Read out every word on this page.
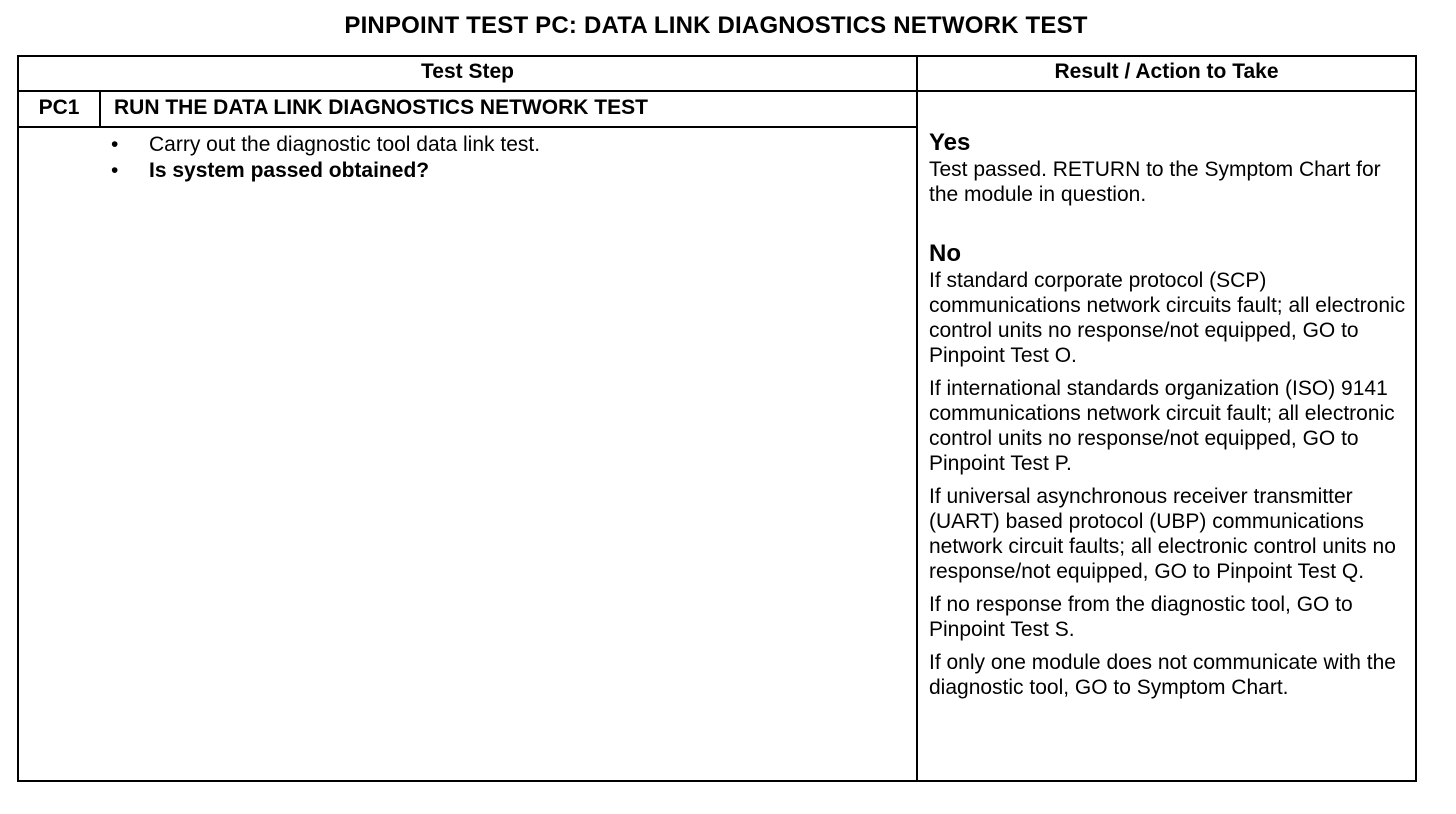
PINPOINT TEST PC: DATA LINK DIAGNOSTICS NETWORK TEST
Test Step	Result / Action to Take
PC1	RUN THE DATA LINK DIAGNOSTICS NETWORK TEST
• Carry out the diagnostic tool data link test.
• Is system passed obtained?
Yes

Test passed. RETURN to the Symptom Chart for the module in question.

No

If standard corporate protocol (SCP) communications network circuits fault; all electronic control units no response/not equipped, GO to Pinpoint Test O.

If international standards organization (ISO) 9141 communications network circuit fault; all electronic control units no response/not equipped, GO to Pinpoint Test P.

If universal asynchronous receiver transmitter (UART) based protocol (UBP) communications network circuit faults; all electronic control units no response/not equipped, GO to Pinpoint Test Q.

If no response from the diagnostic tool, GO to Pinpoint Test S.

If only one module does not communicate with the diagnostic tool, GO to Symptom Chart.
